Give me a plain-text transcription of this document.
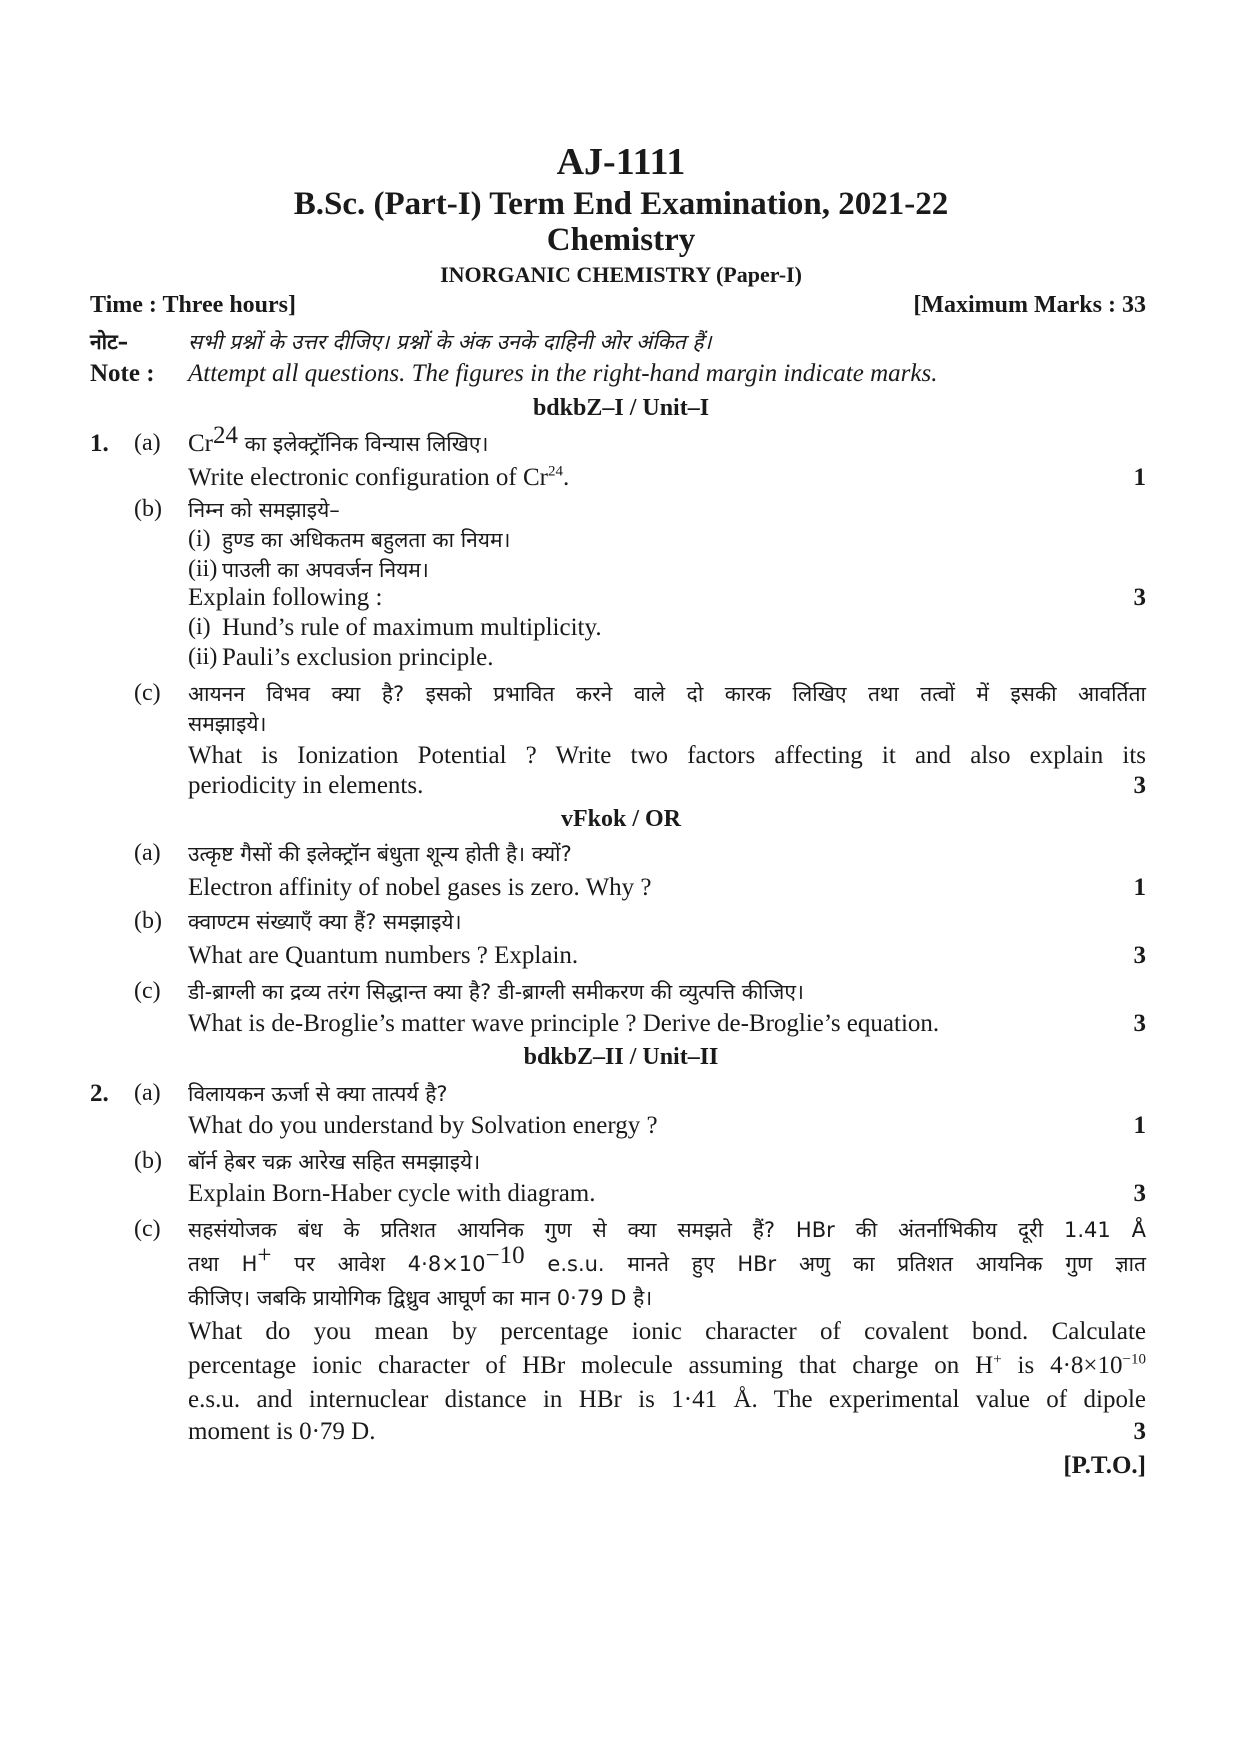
AJ-1111
B.Sc. (Part-I) Term End Examination, 2021-22
Chemistry
INORGANIC CHEMISTRY (Paper-I)
Time : Three hours]	[Maximum Marks : 33
नोट–	सभी प्रश्नों के उत्तर दीजिए। प्रश्नों के अंक उनके दाहिनी ओर अंकित हैं।
Note : Attempt all questions. The figures in the right-hand margin indicate marks.
bdkbZ–I / Unit–I
1. (a) Cr$^{24}$ का इलेक्ट्रॉनिक विन्यास लिखिए।
Write electronic configuration of Cr$^{24}$.	1
(b) निम्न को समझाइये–
(i) हुण्ड का अधिकतम बहुलता का नियम।
(ii) पाउली का अपवर्जन नियम।
Explain following :	3
(i) Hund’s rule of maximum multiplicity.
(ii) Pauli’s exclusion principle.
(c) आयनन विभव क्या है? इसको प्रभावित करने वाले दो कारक लिखिए तथा तत्वों में इसकी आवर्तिता
समझाइये।
What is Ionization Potential ? Write two factors affecting it and also explain its
periodicity in elements.	3
vFkok / OR
(a) उत्कृष्ट गैसों की इलेक्ट्रॉन बंधुता शून्य होती है। क्यों?
Electron affinity of nobel gases is zero. Why ?	1
(b) क्वाण्टम संख्याएँ क्या हैं? समझाइये।
What are Quantum numbers ? Explain.	3
(c) डी-ब्राग्ली का द्रव्य तरंग सिद्धान्त क्या है? डी-ब्राग्ली समीकरण की व्युत्पत्ति कीजिए।
What is de-Broglie’s matter wave principle ? Derive de-Broglie’s equation.	3
bdkbZ–II / Unit–II
2. (a) विलायकन ऊर्जा से क्या तात्पर्य है?
What do you understand by Solvation energy ?	1
(b) बॉर्न हेबर चक्र आरेख सहित समझाइये।
Explain Born-Haber cycle with diagram.	3
(c) सहसंयोजक बंध के प्रतिशत आयनिक गुण से क्या समझते हैं? HBr की अंतर्नाभिकीय दूरी 1.41 Å
तथा H+ पर आवेश $4\cdot 8\times 10^{-10}$ e.s.u. मानते हुए HBr अणु का प्रतिशत आयनिक गुण ज्ञात
कीजिए। जबकि प्रायोगिक द्विध्रुव आघूर्ण का मान 0·79 D है।
What do you mean by percentage ionic character of covalent bond. Calculate
percentage ionic character of HBr molecule assuming that charge on H+ is $4\cdot 8\times 10^{-10}$
e.s.u. and internuclear distance in HBr is 1·41 Å. The experimental value of dipole
moment is 0·79 D.	3
[P.T.O.]
